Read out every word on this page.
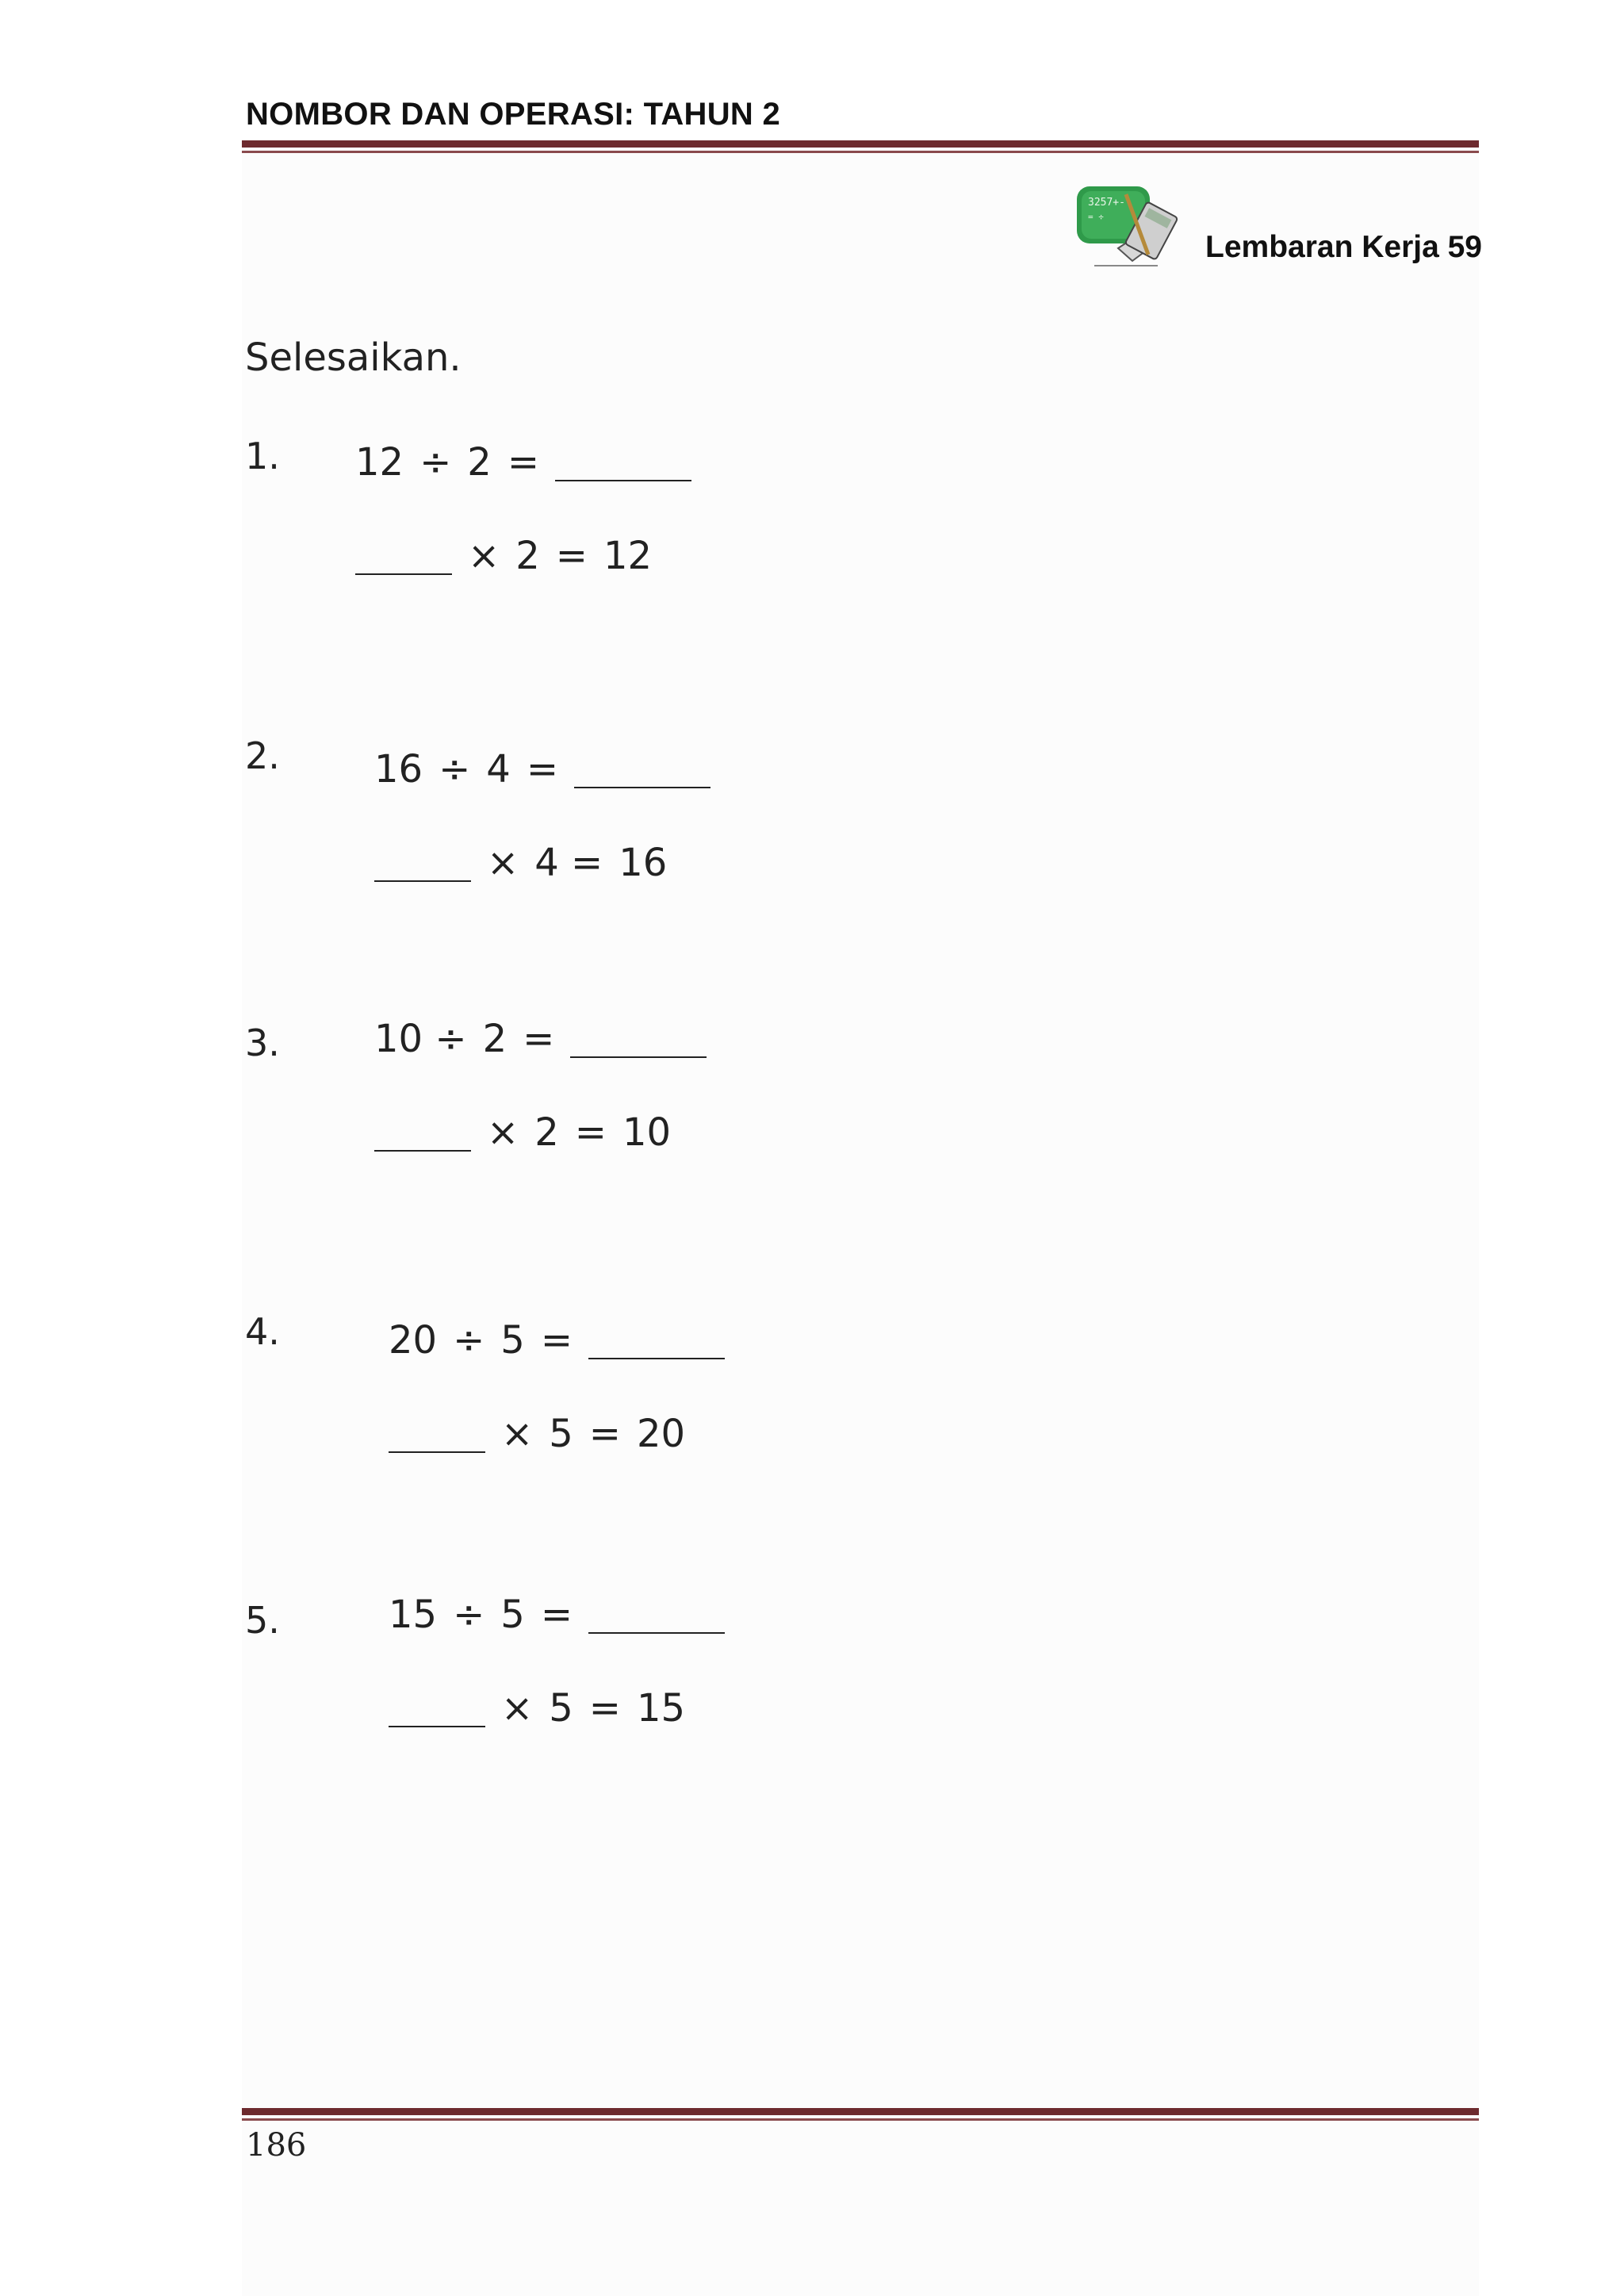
NOMBOR DAN OPERASI: TAHUN 2
3257+-
= ÷
Lembaran Kerja 59
Selesaikan.
1. 12 ÷ 2 =
× 2 = 12
2. 16 ÷ 4 =
× 4 = 16
3. 10 ÷ 2 =
× 2 = 10
4.	20 ÷ 5 =
× 5 = 20
5.	15 ÷ 5 =
× 5 = 15
186
